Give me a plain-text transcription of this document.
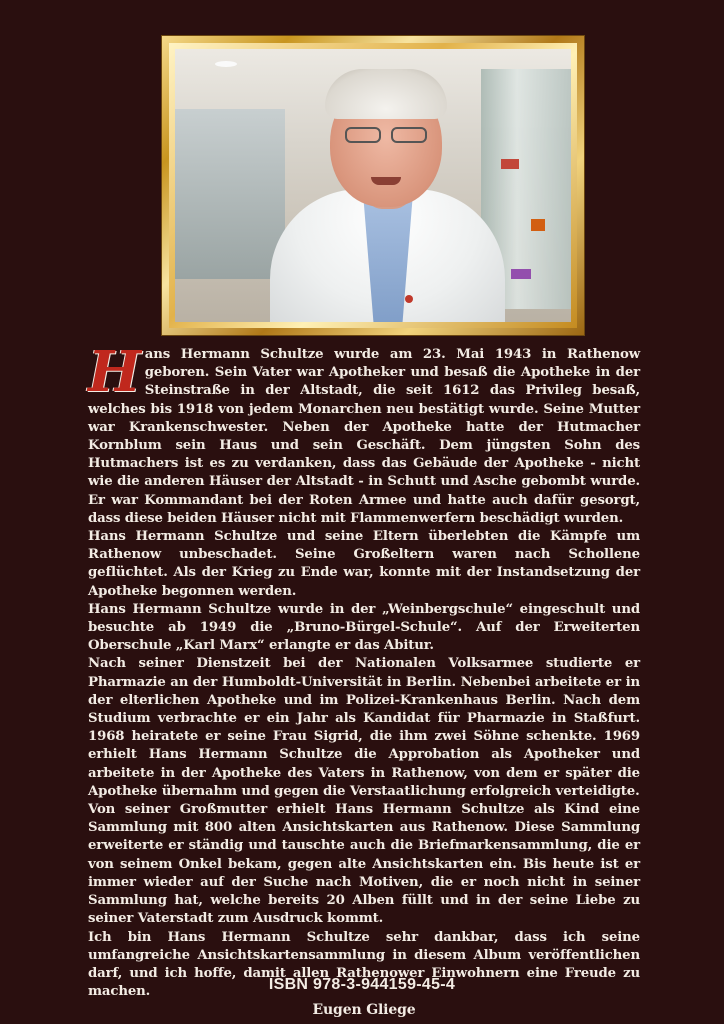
Hans Hermann Schultze wurde am 23. Mai 1943 in Rathenow geboren. Sein Vater war Apotheker und besaß die Apotheke in der Steinstraße in der Altstadt, die seit 1612 das Privileg besaß, welches bis 1918 von jedem Monarchen neu bestätigt wurde. Seine Mutter war Krankenschwester. Neben der Apotheke hatte der Hutmacher Kornblum sein Haus und sein Geschäft. Dem jüngsten Sohn des Hutmachers ist es zu verdanken, dass das Gebäude der Apotheke - nicht wie die anderen Häuser der Altstadt - in Schutt und Asche gebombt wurde. Er war Kommandant bei der Roten Armee und hatte auch dafür gesorgt, dass diese beiden Häuser nicht mit Flammenwerfern beschädigt wurden.

Hans Hermann Schultze und seine Eltern überlebten die Kämpfe um Rathenow unbeschadet. Seine Großeltern waren nach Schollene geflüchtet. Als der Krieg zu Ende war, konnte mit der Instandsetzung der Apotheke begonnen werden.

Hans Hermann Schultze wurde in der „Weinbergschule“ eingeschult und besuchte ab 1949 die „Bruno-Bürgel-Schule“. Auf der Erweiterten Oberschule „Karl Marx“ erlangte er das Abitur.

Nach seiner Dienstzeit bei der Nationalen Volksarmee studierte er Pharmazie an der Humboldt-Universität in Berlin. Nebenbei arbeitete er in der elterlichen Apotheke und im Polizei-Krankenhaus Berlin. Nach dem Studium verbrachte er ein Jahr als Kandidat für Pharmazie in Staßfurt. 1968 heiratete er seine Frau Sigrid, die ihm zwei Söhne schenkte. 1969 erhielt Hans Hermann Schultze die Approbation als Apotheker und arbeitete in der Apotheke des Vaters in Rathenow, von dem er später die Apotheke übernahm und gegen die Verstaatlichung erfolgreich verteidigte.

Von seiner Großmutter erhielt Hans Hermann Schultze als Kind eine Sammlung mit 800 alten Ansichtskarten aus Rathenow. Diese Sammlung erweiterte er ständig und tauschte auch die Briefmarkensammlung, die er von seinem Onkel bekam, gegen alte Ansichtskarten ein. Bis heute ist er immer wieder auf der Suche nach Motiven, die er noch nicht in seiner Sammlung hat, welche bereits 20 Alben füllt und in der seine Liebe zu seiner Vaterstadt zum Ausdruck kommt.

Ich bin Hans Hermann Schultze sehr dankbar, dass ich seine umfangreiche Ansichtskartensammlung in diesem Album veröffentlichen darf, und ich hoffe, damit allen Rathenower Einwohnern eine Freude zu machen.

Eugen Gliege

ISBN 978-3-944159-45-4
